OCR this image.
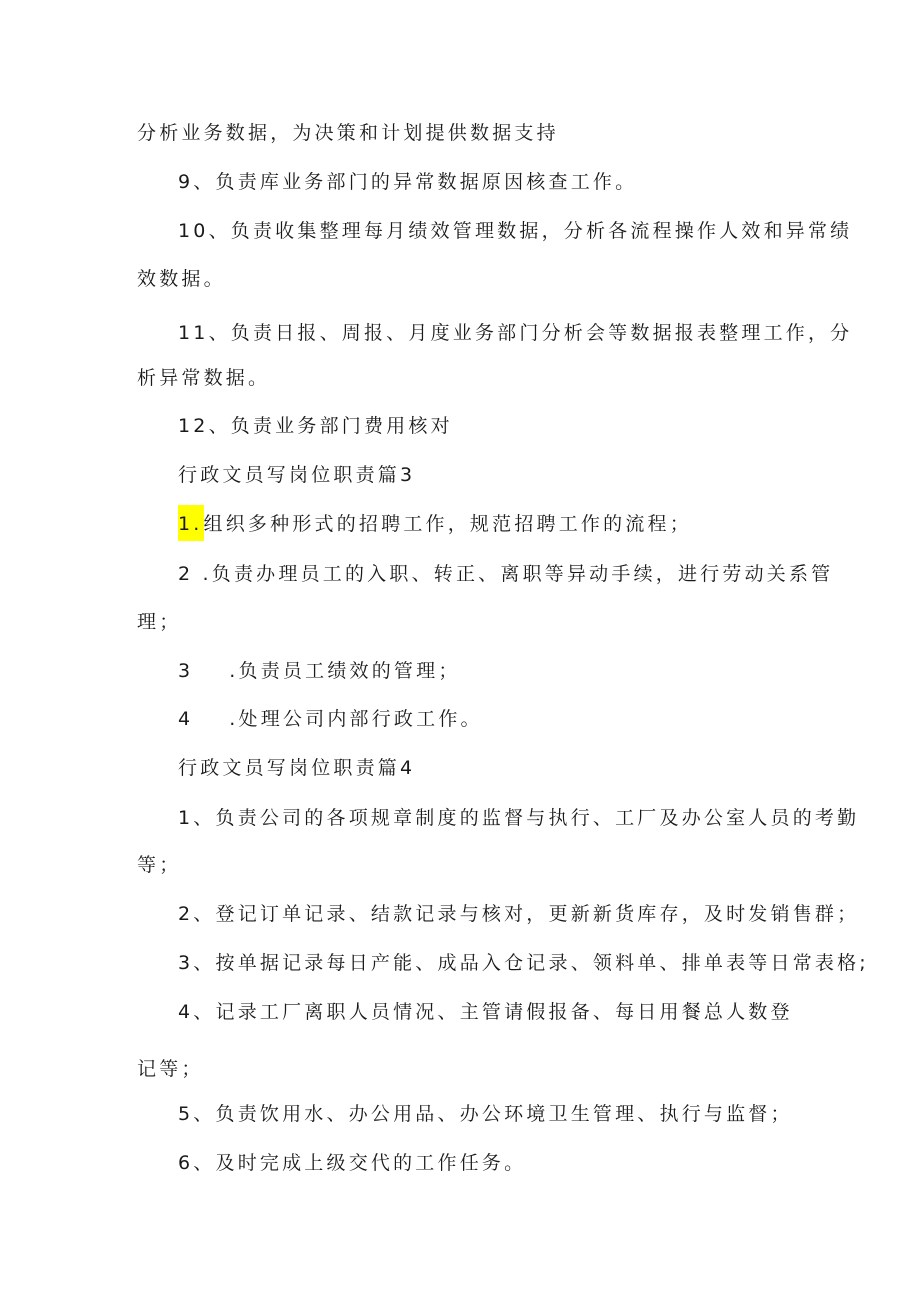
分析业务数据，为决策和计划提供数据支持

9、负责库业务部门的异常数据原因核查工作。

10、负责收集整理每月绩效管理数据，分析各流程操作人效和异常绩

效数据。

11、负责日报、周报、月度业务部门分析会等数据报表整理工作，分

析异常数据。

12、负责业务部门费用核对

行政文员写岗位职责篇3

1.组织多种形式的招聘工作，规范招聘工作的流程；

2 .负责办理员工的入职、转正、离职等异动手续，进行劳动关系管

理；

3 .负责员工绩效的管理；

4 .处理公司内部行政工作。

行政文员写岗位职责篇4

1、负责公司的各项规章制度的监督与执行、工厂及办公室人员的考勤

等；

2、登记订单记录、结款记录与核对，更新新货库存，及时发销售群；

3、按单据记录每日产能、成品入仓记录、领料单、排单表等日常表格;

4、记录工厂离职人员情况、主管请假报备、每日用餐总人数登

记等；

5、负责饮用水、办公用品、办公环境卫生管理、执行与监督；

6、及时完成上级交代的工作任务。
